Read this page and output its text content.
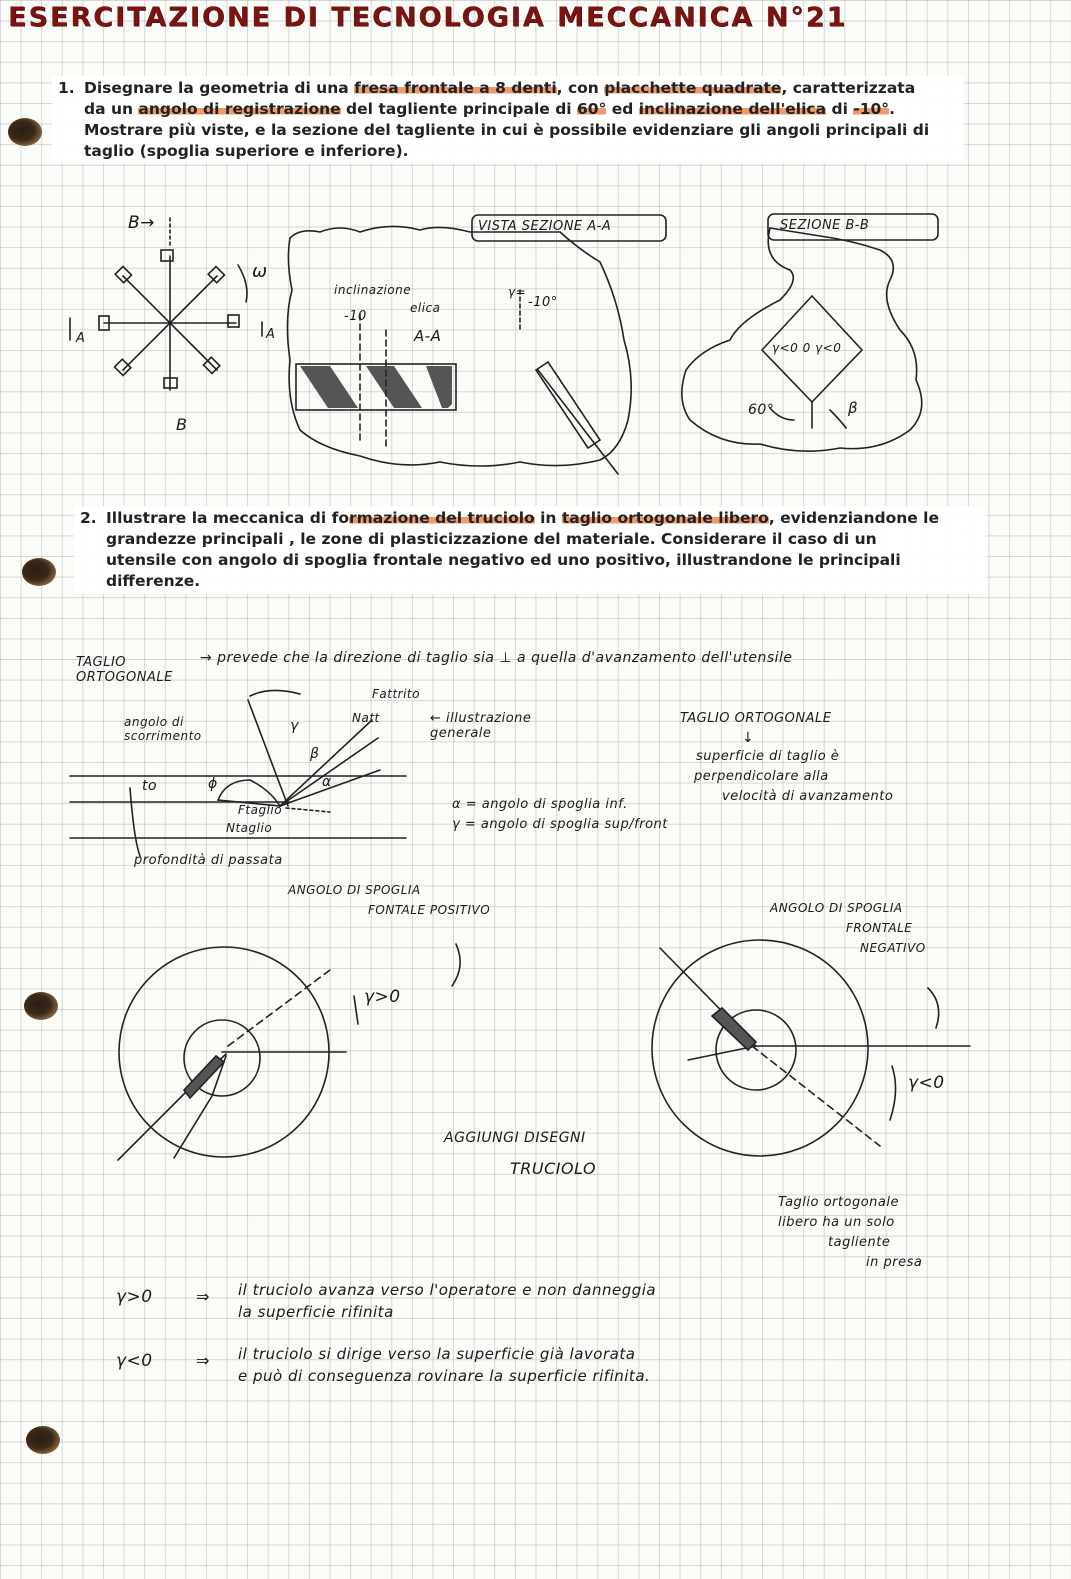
ESERCITAZIONE DI TECNOLOGIA MECCANICA N°21
1. Disegnare la geometria di una fresa frontale a 8 denti, con placchette quadrate, caratterizzata
da un angolo di registrazione del tagliente principale di 60° ed inclinazione dell'elica di -10°.
Mostrare più viste, e la sezione del tagliente in cui è possibile evidenziare gli angoli principali di
taglio (spoglia superiore e inferiore).
2. Illustrare la meccanica di formazione del truciolo in taglio ortogonale libero, evidenziandone le
grandezze principali , le zone di plasticizzazione del materiale. Considerare il caso di un
utensile con angolo di spoglia frontale negativo ed uno positivo, illustrandone le principali
differenze.

B→

B

ω

A	A

VISTA SEZIONE A-A

inclinazione

elica

-10

A-A

γ=

-10°

SEZIONE B-B

γ<0 0 γ<0

60°	β

TAGLIO ORTOGONALE

→ prevede che la direzione di taglio sia ⊥ a quella d'avanzamento dell'utensile

angolo di scorrimento

Fattrito

Natt	← illustrazione generale

to	ϕ

γ

β

α

Ftaglio

Ntaglio

profondità di passata

TAGLIO ORTOGONALE

↓

superficie di taglio è

perpendicolare alla

velocità di avanzamento

α = angolo di spoglia inf.

γ = angolo di spoglia sup/front

ANGOLO DI SPOGLIA

FONTALE POSITIVO

γ>0

ANGOLO DI SPOGLIA

FRONTALE

NEGATIVO

γ<0

AGGIUNGI DISEGNI

TRUCIOLO

Taglio ortogonale

libero ha un solo

tagliente

in presa

γ>0	⇒ il truciolo avanza verso l'operatore e non danneggia

la superficie rifinita

γ<0	⇒ il truciolo si dirige verso la superficie già lavorata

e può di conseguenza rovinare la superficie rifinita.
